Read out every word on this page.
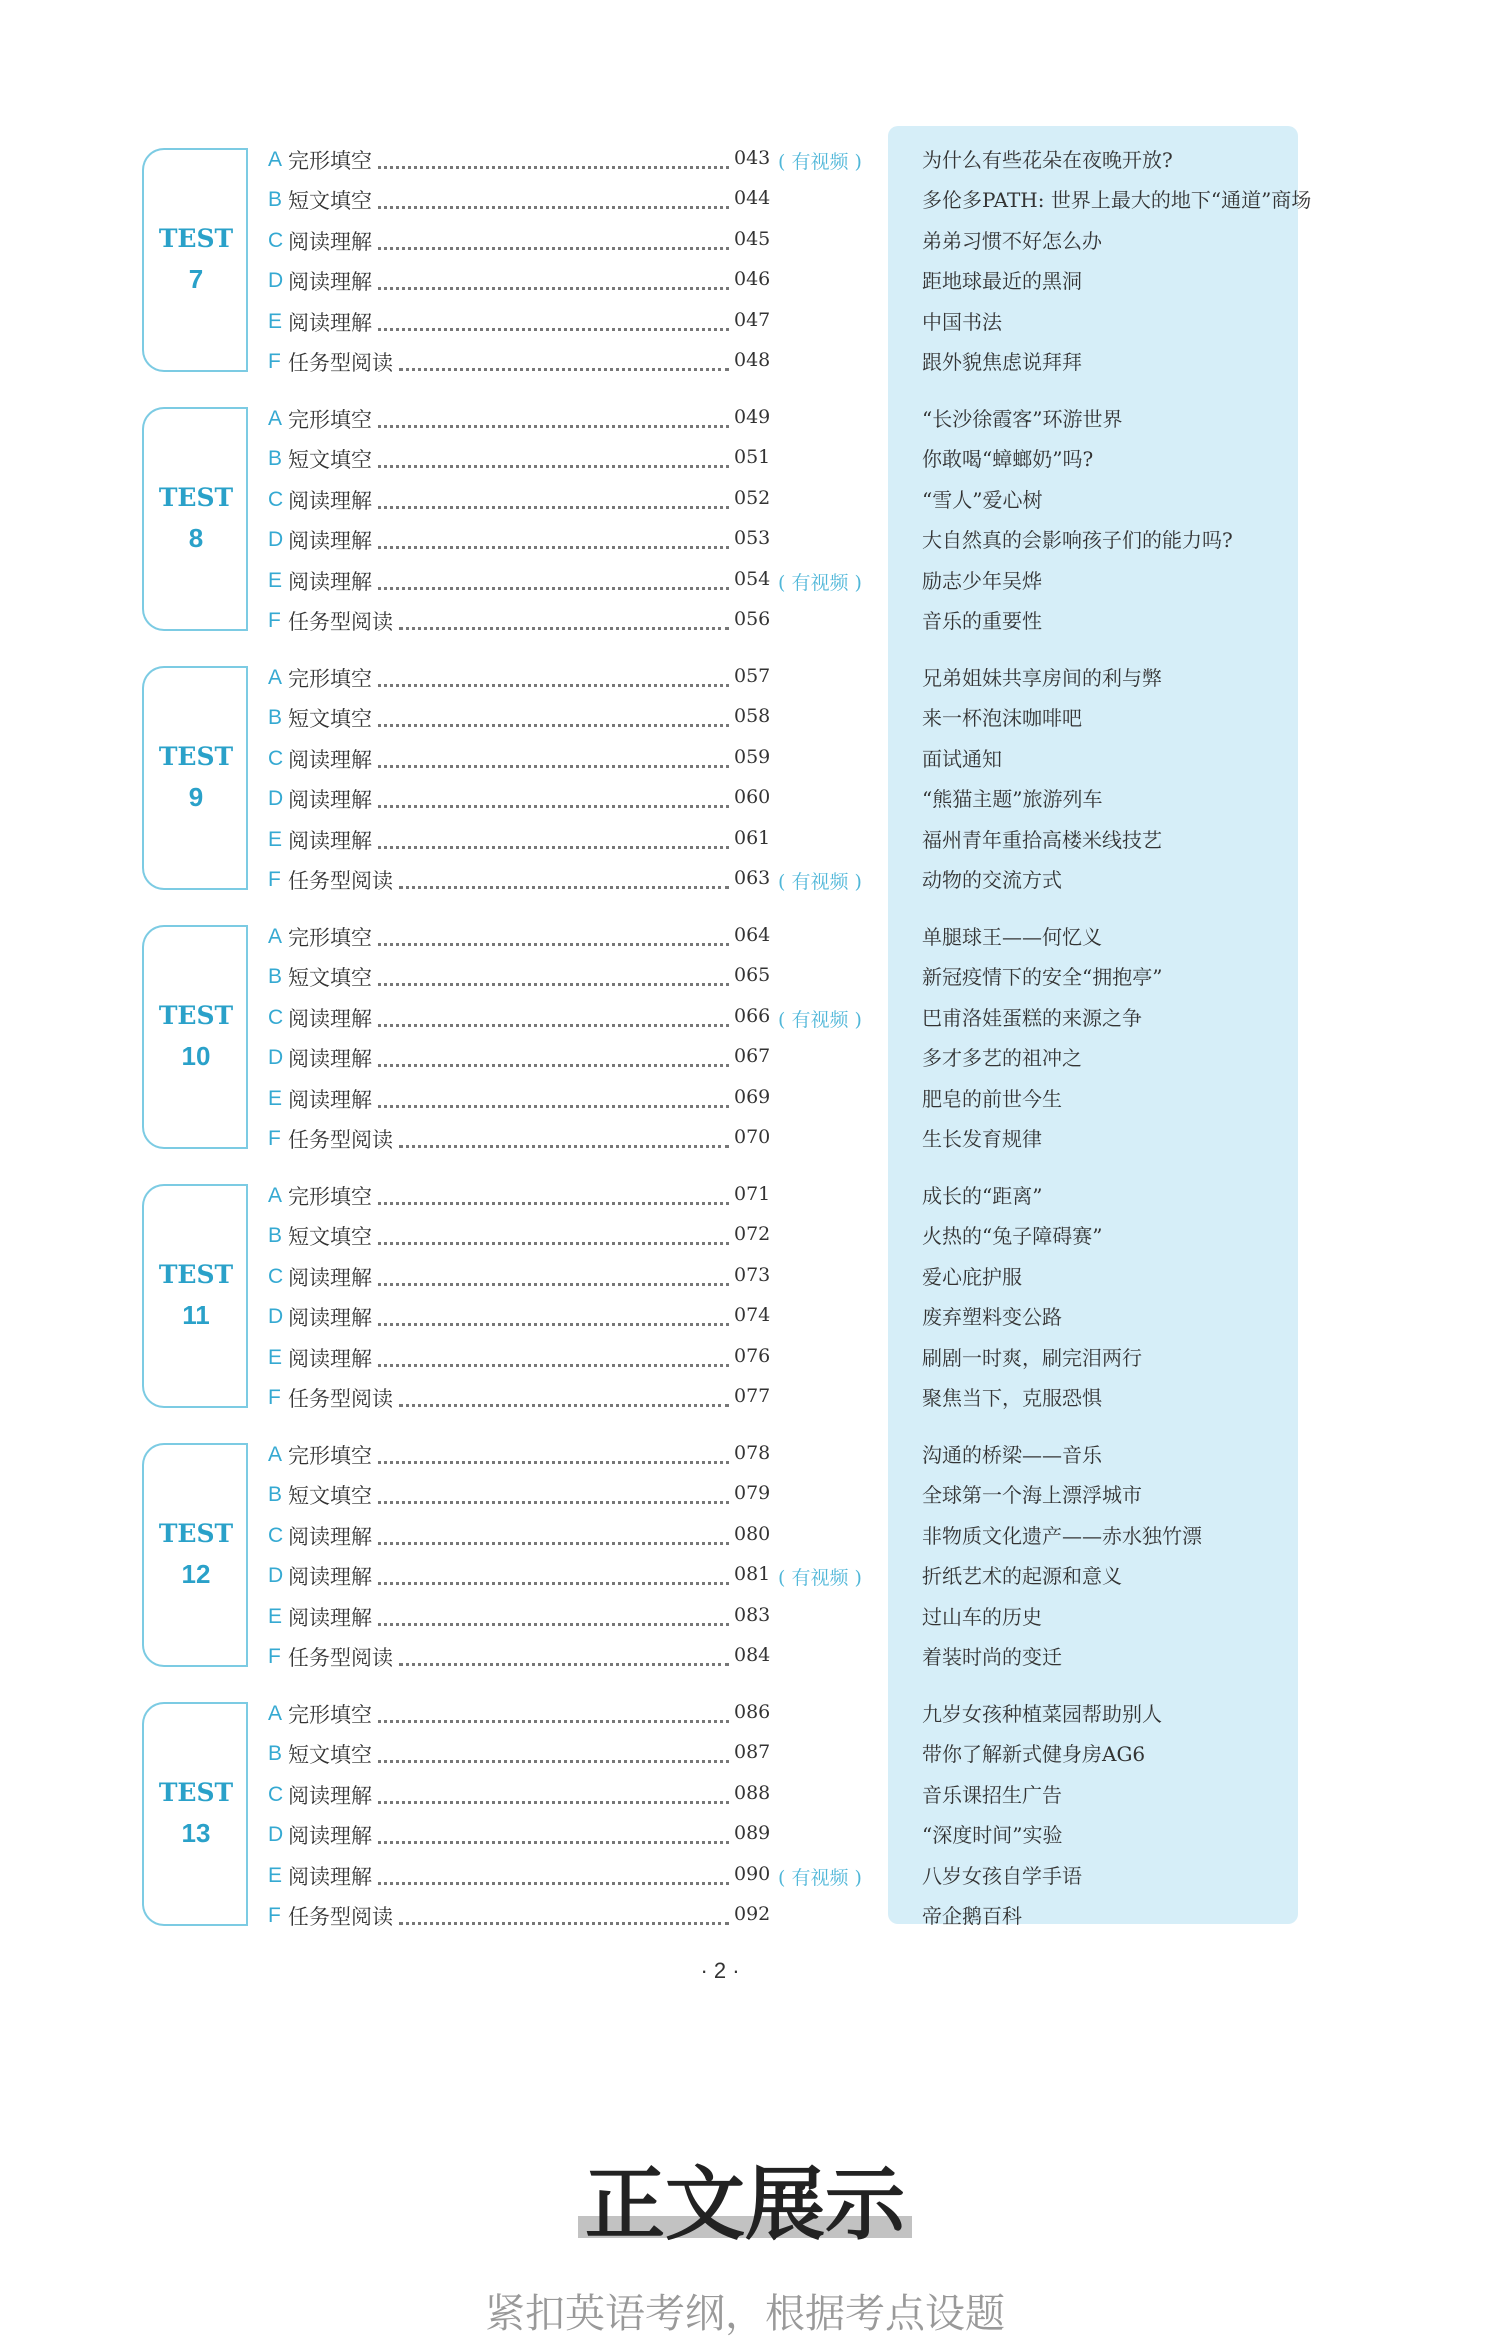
TEST
7
A 完形填空	043 ( 有视频 )	为什么有些花朵在夜晚开放?
B 短文填空	044	多伦多PATH: 世界上最大的地下“通道”商场
C 阅读理解	045	弟弟习惯不好怎么办
D 阅读理解	046	距地球最近的黑洞
E 阅读理解	047	中国书法
F 任务型阅读	048	跟外貌焦虑说拜拜
TEST
8
A 完形填空	049	“长沙徐霞客”环游世界
B 短文填空	051	你敢喝“蟑螂奶”吗?
C 阅读理解	052	“雪人”爱心树
D 阅读理解	053	大自然真的会影响孩子们的能力吗?
E 阅读理解	054 ( 有视频 )	励志少年吴烨
F 任务型阅读	056	音乐的重要性
TEST
9
A 完形填空	057	兄弟姐妹共享房间的利与弊
B 短文填空	058	来一杯泡沫咖啡吧
C 阅读理解	059	面试通知
D 阅读理解	060	“熊猫主题”旅游列车
E 阅读理解	061	福州青年重拾高楼米线技艺
F 任务型阅读	063 ( 有视频 )	动物的交流方式
TEST
10
A 完形填空	064	单腿球王——何忆义
B 短文填空	065	新冠疫情下的安全“拥抱亭”
C 阅读理解	066 ( 有视频 )	巴甫洛娃蛋糕的来源之争
D 阅读理解	067	多才多艺的祖冲之
E 阅读理解	069	肥皂的前世今生
F 任务型阅读	070	生长发育规律
TEST
11
A 完形填空	071	成长的“距离”
B 短文填空	072	火热的“兔子障碍赛”
C 阅读理解	073	爱心庇护服
D 阅读理解	074	废弃塑料变公路
E 阅读理解	076	刷剧一时爽，刷完泪两行
F 任务型阅读	077	聚焦当下，克服恐惧
TEST
12
A 完形填空	078	沟通的桥梁——音乐
B 短文填空	079	全球第一个海上漂浮城市
C 阅读理解	080	非物质文化遗产——赤水独竹漂
D 阅读理解	081 ( 有视频 )	折纸艺术的起源和意义
E 阅读理解	083	过山车的历史
F 任务型阅读	084	着装时尚的变迁
TEST
13
A 完形填空	086	九岁女孩种植菜园帮助别人
B 短文填空	087	带你了解新式健身房AG6
C 阅读理解	088	音乐课招生广告
D 阅读理解	089	“深度时间”实验
E 阅读理解	090 ( 有视频 )	八岁女孩自学手语
F 任务型阅读	092	帝企鹅百科
· 2 ·
正文展示
紧扣英语考纲，根据考点设题
